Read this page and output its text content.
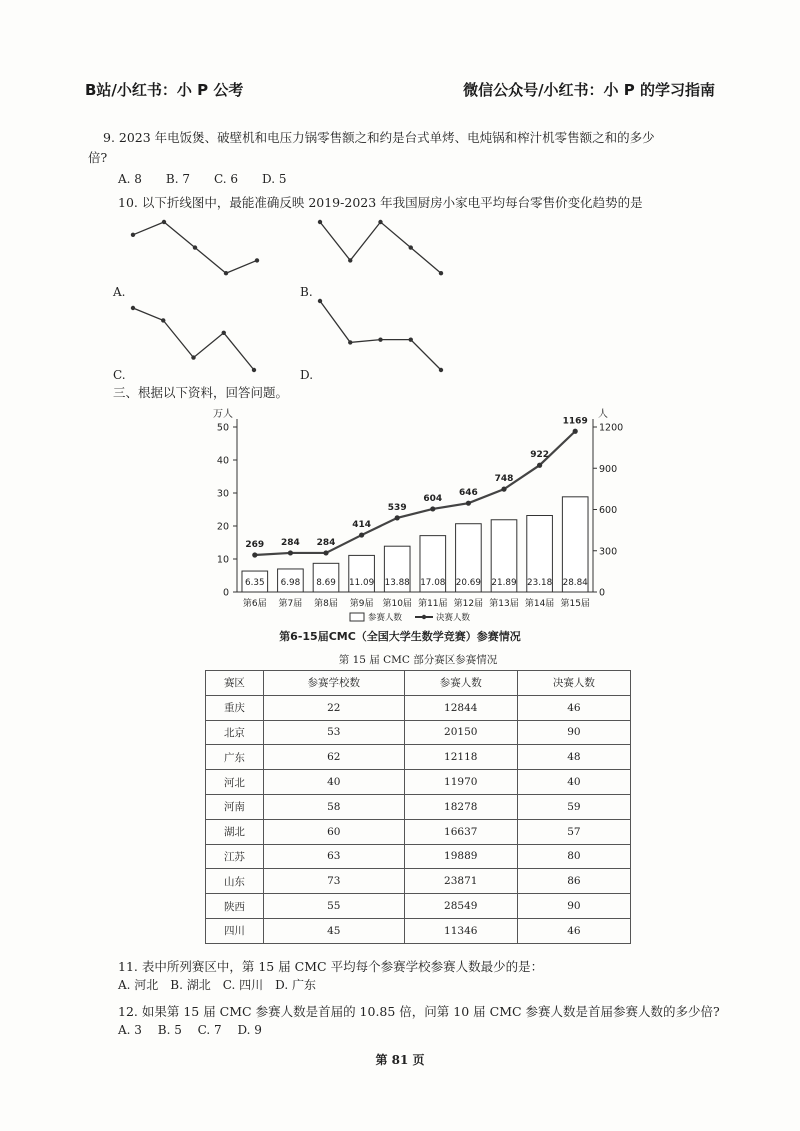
B站/小红书：小 P 公考	微信公众号/小红书：小 P 的学习指南
9. 2023 年电饭煲、破壁机和电压力锅零售额之和约是台式单烤、电炖锅和榨汁机零售额之和的多少
倍?
A. 8　　B. 7　　C. 6　　D. 5
10. 以下折线图中，最能准确反映 2019-2023 年我国厨房小家电平均每台零售价变化趋势的是
A.	B.
C.	D.
三、根据以下资料，回答问题。
0
10
20
30
40
50
0
300
600
900
1200
万人	人
6.35
第6届
6.98
第7届
8.69
第8届
11.09
第9届
13.88
第10届
17.08
第11届
20.69
第12届
21.89
第13届
23.18
第14届
28.84
第15届
269 284 284
414
539
604
646
748
922
1169
参赛人数	决赛人数
第6-15届CMC（全国大学生数学竞赛）参赛情况
第 15 届 CMC 部分赛区参赛情况
赛区	参赛学校数	参赛人数	决赛人数
重庆	22	12844	46
北京	53	20150	90
广东	62	12118	48
河北	40	11970	40
河南	58	18278	59
湖北	60	16637	57
江苏	63	19889	80
山东	73	23871	86
陕西	55	28549	90
四川	45	11346	46
11. 表中所列赛区中，第 15 届 CMC 平均每个参赛学校参赛人数最少的是：
A. 河北　B. 湖北　C. 四川　D. 广东
12. 如果第 15 届 CMC 参赛人数是首届的 10.85 倍，问第 10 届 CMC 参赛人数是首届参赛人数的多少倍?
A. 3　 B. 5　 C. 7　 D. 9
第 81 页
